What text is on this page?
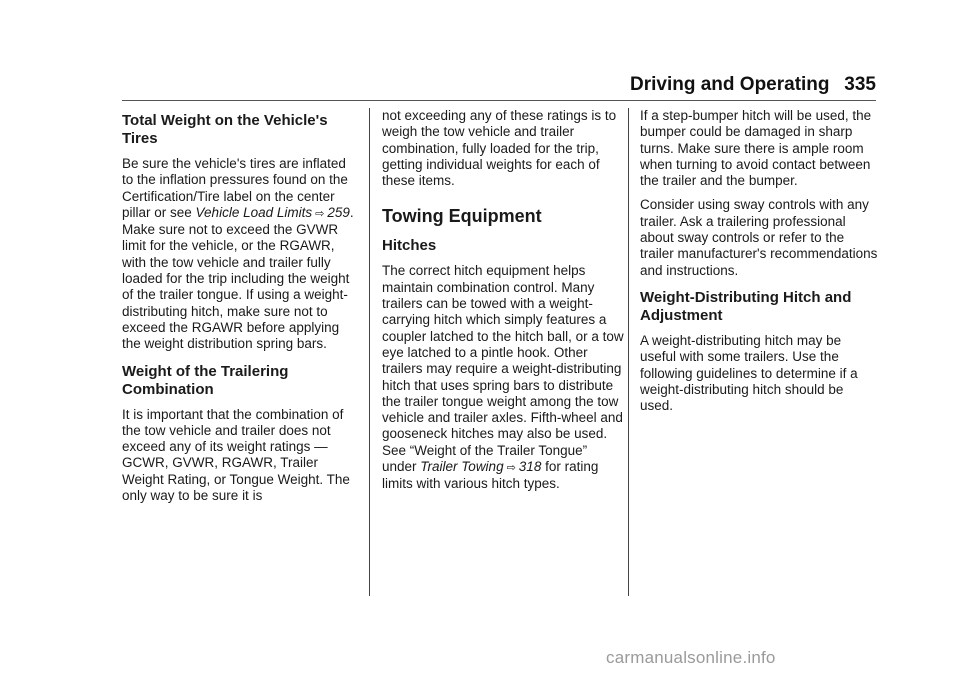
Driving and Operating 335
Total Weight on the Vehicle's Tires

Be sure the vehicle's tires are inflated to the inflation pressures found on the Certification/Tire label on the center pillar or see Vehicle Load Limits ⇨ 259. Make sure not to exceed the GVWR limit for the vehicle, or the RGAWR, with the tow vehicle and trailer fully loaded for the trip including the weight of the trailer tongue. If using a weight-distributing hitch, make sure not to exceed the RGAWR before applying the weight distribution spring bars.

Weight of the Trailering Combination

It is important that the combination of the tow vehicle and trailer does not exceed any of its weight ratings — GCWR, GVWR, RGAWR, Trailer Weight Rating, or Tongue Weight. The only way to be sure it is

not exceeding any of these ratings is to weigh the tow vehicle and trailer combination, fully loaded for the trip, getting individual weights for each of these items.

Towing Equipment
Hitches

The correct hitch equipment helps maintain combination control. Many trailers can be towed with a weight-carrying hitch which simply features a coupler latched to the hitch ball, or a tow eye latched to a pintle hook. Other trailers may require a weight-distributing hitch that uses spring bars to distribute the trailer tongue weight among the tow vehicle and trailer axles. Fifth-wheel and gooseneck hitches may also be used. See “Weight of the Trailer Tongue” under Trailer Towing ⇨ 318 for rating limits with various hitch types.

If a step-bumper hitch will be used, the bumper could be damaged in sharp turns. Make sure there is ample room when turning to avoid contact between the trailer and the bumper.

Consider using sway controls with any trailer. Ask a trailering professional about sway controls or refer to the trailer manufacturer's recommendations and instructions.

Weight-Distributing Hitch and Adjustment

A weight-distributing hitch may be useful with some trailers. Use the following guidelines to determine if a weight-distributing hitch should be used.

carmanualsonline.info
